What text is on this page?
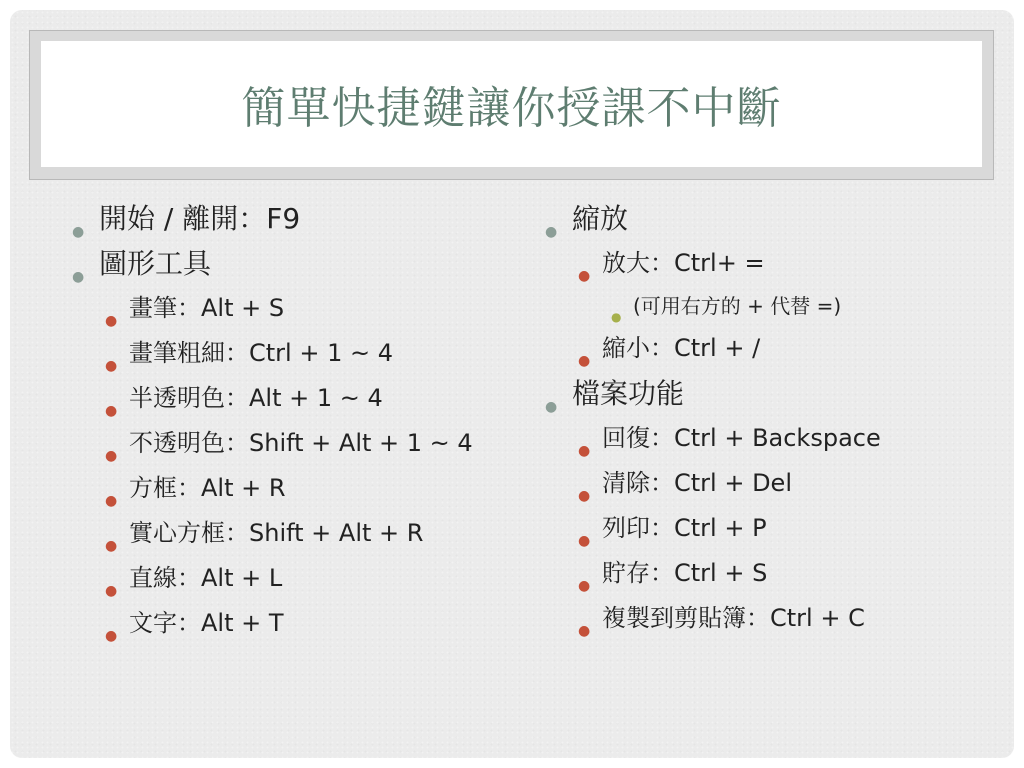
簡單快捷鍵讓你授課不中斷
● 開始 / 離開：F9
● 圖形工具
● 畫筆：Alt + S
● 畫筆粗細：Ctrl + 1 ~ 4
● 半透明色：Alt + 1 ~ 4
● 不透明色：Shift + Alt + 1 ~ 4
● 方框：Alt + R
● 實心方框：Shift + Alt + R
● 直線：Alt + L
● 文字：Alt + T
● 縮放
● 放大：Ctrl+ =
● (可用右方的 + 代替 =)
● 縮小：Ctrl + /
● 檔案功能
● 回復：Ctrl + Backspace
● 清除：Ctrl + Del
● 列印：Ctrl + P
● 貯存：Ctrl + S
● 複製到剪貼簿：Ctrl + C
